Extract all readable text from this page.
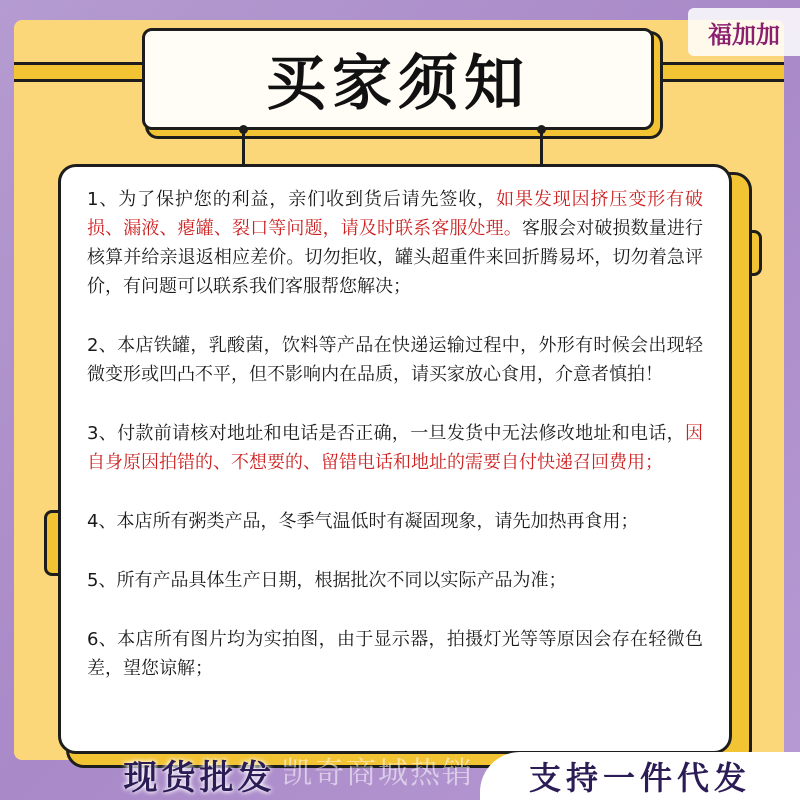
买家须知

1、为了保护您的利益，亲们收到货后请先签收，如果发现因挤压变形有破损、漏液、瘪罐、裂口等问题，请及时联系客服处理。客服会对破损数量进行核算并给亲退返相应差价。切勿拒收，罐头超重件来回折腾易坏，切勿着急评价，有问题可以联系我们客服帮您解决；

2、本店铁罐，乳酸菌，饮料等产品在快递运输过程中，外形有时候会出现轻微变形或凹凸不平，但不影响内在品质，请买家放心食用，介意者慎拍！

3、付款前请核对地址和电话是否正确，一旦发货中无法修改地址和电话，因自身原因拍错的、不想要的、留错电话和地址的需要自付快递召回费用；

4、本店所有粥类产品，冬季气温低时有凝固现象，请先加热再食用；

5、所有产品具体生产日期，根据批次不同以实际产品为准；

6、本店所有图片均为实拍图，由于显示器，拍摄灯光等等原因会存在轻微色差，望您谅解；

福加加
现货批发 凯奇商城热销	支持一件代发
